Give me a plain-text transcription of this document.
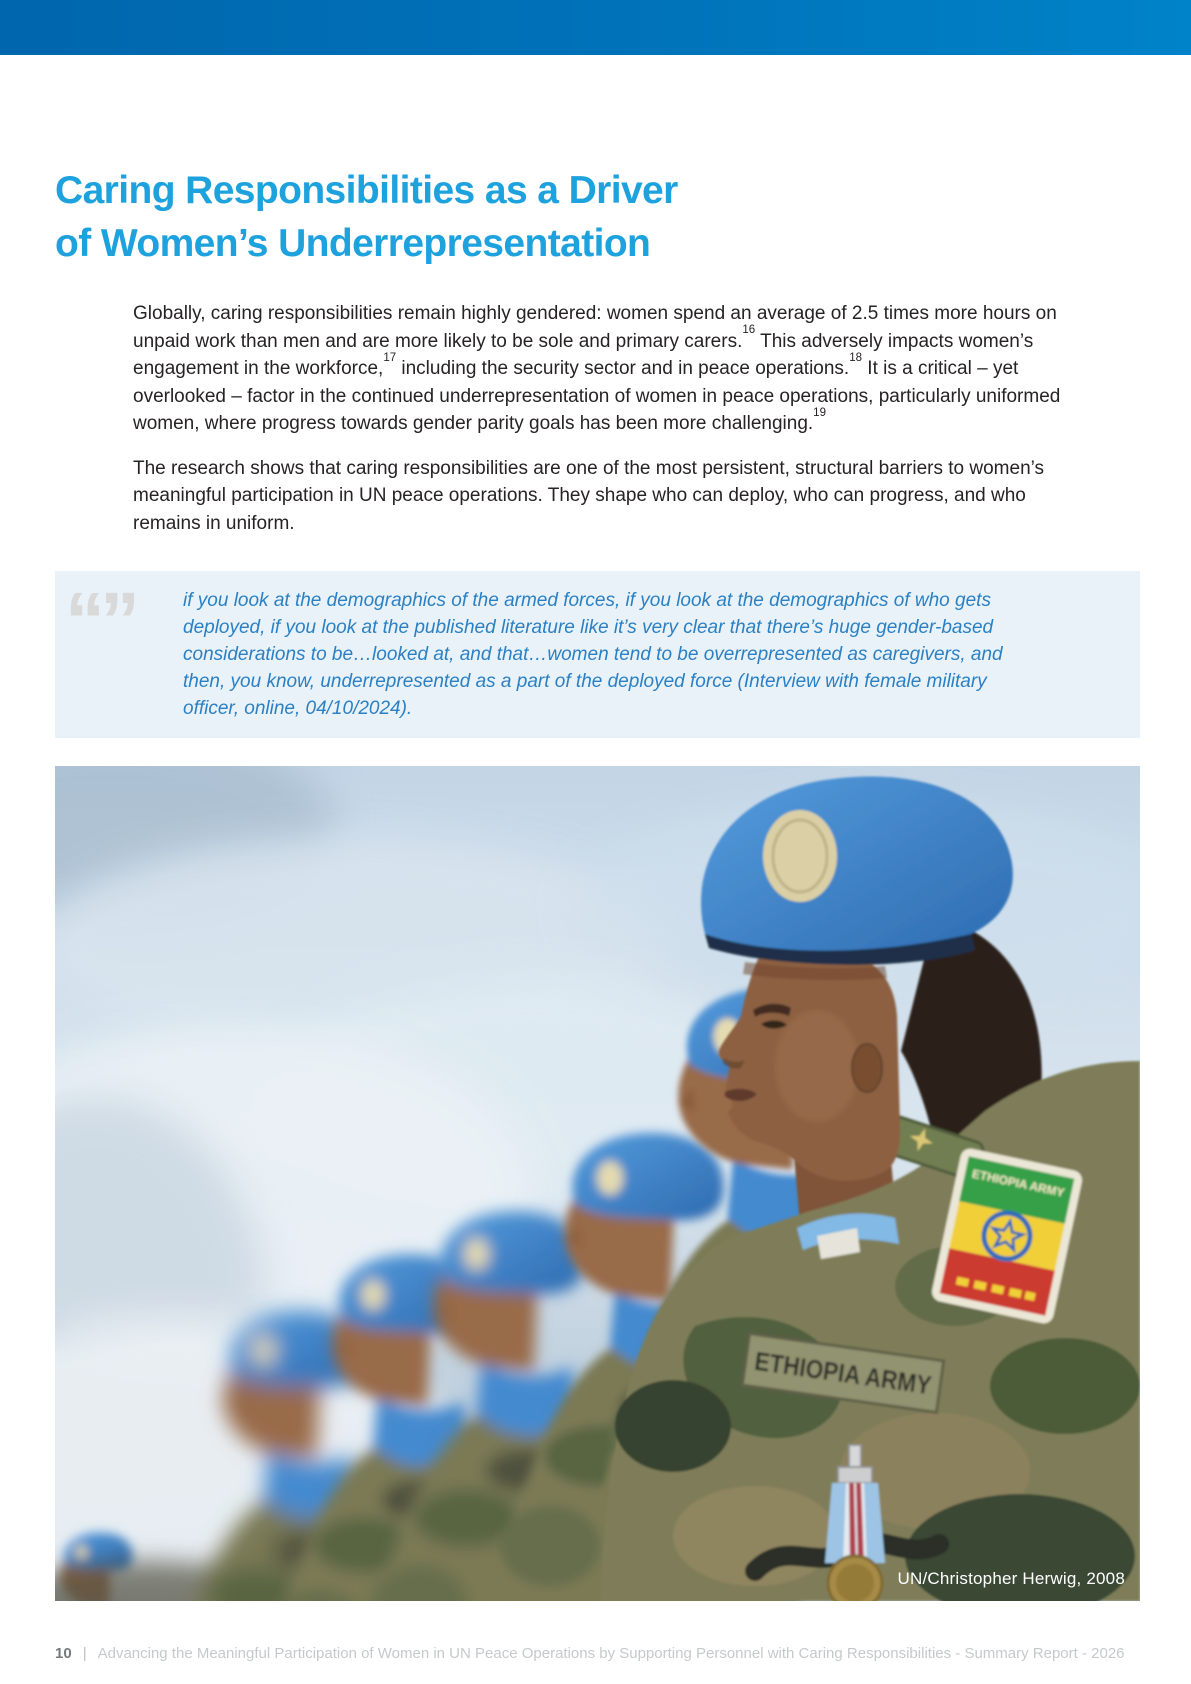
Caring Responsibilities as a Driver
of Women’s Underrepresentation

Globally, caring responsibilities remain highly gendered: women spend an average of 2.5 times more hours on unpaid work than men and are more likely to be sole and primary carers.$^{16}$ This adversely impacts women’s engagement in the workforce,$^{17}$ including the security sector and in peace operations.$^{18}$ It is a critical – yet overlooked – factor in the continued underrepresentation of women in peace operations, particularly uniformed women, where progress towards gender parity goals has been more challenging.$^{19}$

The research shows that caring responsibilities are one of the most persistent, structural barriers to women’s meaningful participation in UN peace operations. They shape who can deploy, who can progress, and who remains in uniform.

“”	if you look at the demographics of the armed forces, if you look at the demographics of who gets deployed, if you look at the published literature like it’s very clear that there’s huge gender-based considerations to be…looked at, and that…women tend to be overrepresented as caregivers, and then, you know, underrepresented as a part of the deployed force (Interview with female military officer, online, 04/10/2024).
ETHIOPIA ARMY
ETHIOPIA ARMY
UN/Christopher Herwig, 2008
10 | Advancing the Meaningful Participation of Women in UN Peace Operations by Supporting Personnel with Caring Responsibilities - Summary Report - 2026
